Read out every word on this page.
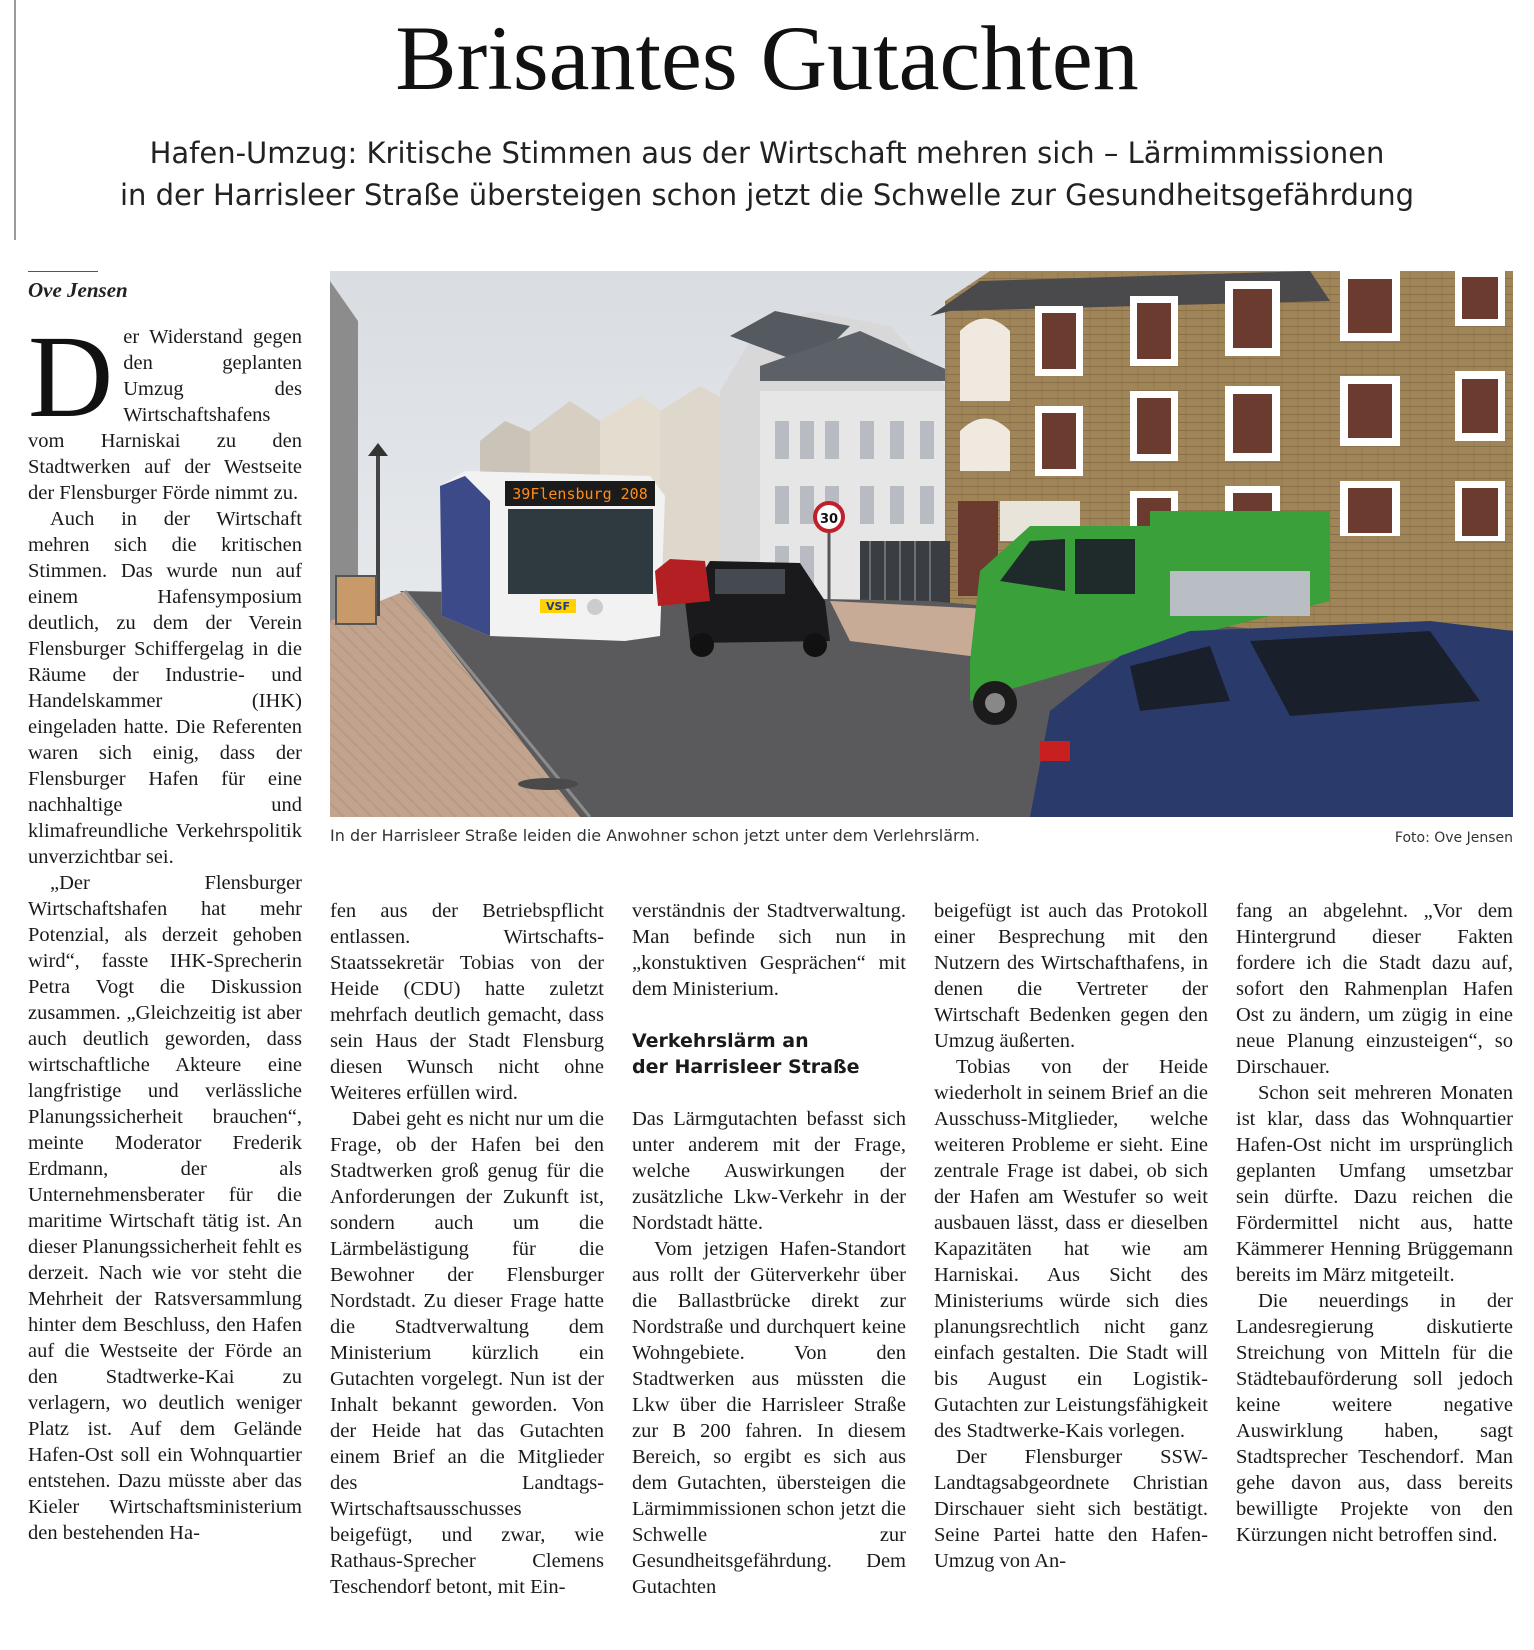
Brisantes Gutachten
Hafen-Umzug: Kritische Stimmen aus der Wirtschaft mehren sich – Lärmimmissionen
in der Harrisleer Straße übersteigen schon jetzt die Schwelle zur Gesundheitsgefährdung
Ove Jensen

Der Widerstand gegen den geplanten Umzug des Wirtschaftshafens vom Harniskai zu den Stadtwerken auf der Westseite der Flensburger Förde nimmt zu.

Auch in der Wirtschaft mehren sich die kritischen Stimmen. Das wurde nun auf einem Hafensymposium deutlich, zu dem der Verein Flensburger Schiffergelag in die Räume der Industrie- und Handelskammer (IHK) eingeladen hatte. Die Referenten waren sich einig, dass der Flensburger Hafen für eine nachhaltige und klimafreundliche Verkehrspolitik unverzichtbar sei.

„Der Flensburger Wirtschaftshafen hat mehr Potenzial, als derzeit gehoben wird“, fasste IHK-Sprecherin Petra Vogt die Diskussion zusammen. „Gleichzeitig ist aber auch deutlich geworden, dass wirtschaftliche Akteure eine langfristige und verlässliche Planungssicherheit brauchen“, meinte Moderator Frederik Erdmann, der als Unternehmensberater für die maritime Wirtschaft tätig ist. An dieser Planungssicherheit fehlt es derzeit. Nach wie vor steht die Mehrheit der Ratsversammlung hinter dem Beschluss, den Hafen auf die Westseite der Förde an den Stadtwerke-Kai zu verlagern, wo deutlich weniger Platz ist. Auf dem Gelände Hafen-Ost soll ein Wohnquartier entstehen. Dazu müsste aber das Kieler Wirtschaftsministerium den bestehenden Ha-

30
39Flensburg 208
VSF
In der Harrisleer Straße leiden die Anwohner schon jetzt unter dem Verlehrslärm.	Foto: Ove Jensen

fen aus der Betriebspflicht entlassen. Wirtschafts-Staatssekretär Tobias von der Heide (CDU) hatte zuletzt mehrfach deutlich gemacht, dass sein Haus der Stadt Flensburg diesen Wunsch nicht ohne Weiteres erfüllen wird.

Dabei geht es nicht nur um die Frage, ob der Hafen bei den Stadtwerken groß genug für die Anforderungen der Zukunft ist, sondern auch um die Lärmbelästigung für die Bewohner der Flensburger Nordstadt. Zu dieser Frage hatte die Stadtverwaltung dem Ministerium kürzlich ein Gutachten vorgelegt. Nun ist der Inhalt bekannt geworden. Von der Heide hat das Gutachten einem Brief an die Mitglieder des Landtags-Wirtschaftsausschusses beigefügt, und zwar, wie Rathaus-Sprecher Clemens Teschendorf betont, mit Ein-

verständnis der Stadtverwaltung. Man befinde sich nun in „konstuktiven Gesprächen“ mit dem Ministerium.

Verkehrslärm an
der Harrisleer Straße

Das Lärmgutachten befasst sich unter anderem mit der Frage, welche Auswirkungen der zusätzliche Lkw-Verkehr in der Nordstadt hätte.

Vom jetzigen Hafen-Standort aus rollt der Güterverkehr über die Ballastbrücke direkt zur Nordstraße und durchquert keine Wohngebiete. Von den Stadtwerken aus müssten die Lkw über die Harrisleer Straße zur B 200 fahren. In diesem Bereich, so ergibt es sich aus dem Gutachten, übersteigen die Lärmimmissionen schon jetzt die Schwelle zur Gesundheitsgefährdung. Dem Gutachten

beigefügt ist auch das Protokoll einer Besprechung mit den Nutzern des Wirtschafthafens, in denen die Vertreter der Wirtschaft Bedenken gegen den Umzug äußerten.

Tobias von der Heide wiederholt in seinem Brief an die Ausschuss-Mitglieder, welche weiteren Probleme er sieht. Eine zentrale Frage ist dabei, ob sich der Hafen am Westufer so weit ausbauen lässt, dass er dieselben Kapazitäten hat wie am Harniskai. Aus Sicht des Ministeriums würde sich dies planungsrechtlich nicht ganz einfach gestalten. Die Stadt will bis August ein Logistik-Gutachten zur Leistungsfähigkeit des Stadtwerke-Kais vorlegen.

Der Flensburger SSW-Landtagsabgeordnete Christian Dirschauer sieht sich bestätigt. Seine Partei hatte den Hafen-Umzug von An-

fang an abgelehnt. „Vor dem Hintergrund dieser Fakten fordere ich die Stadt dazu auf, sofort den Rahmenplan Hafen Ost zu ändern, um zügig in eine neue Planung einzusteigen“, so Dirschauer.

Schon seit mehreren Monaten ist klar, dass das Wohnquartier Hafen-Ost nicht im ursprünglich geplanten Umfang umsetzbar sein dürfte. Dazu reichen die Fördermittel nicht aus, hatte Kämmerer Henning Brüggemann bereits im März mitgeteilt.

Die neuerdings in der Landesregierung diskutierte Streichung von Mitteln für die Städtebauförderung soll jedoch keine weitere negative Auswirklung haben, sagt Stadtsprecher Teschendorf. Man gehe davon aus, dass bereits bewilligte Projekte von den Kürzungen nicht betroffen sind.
